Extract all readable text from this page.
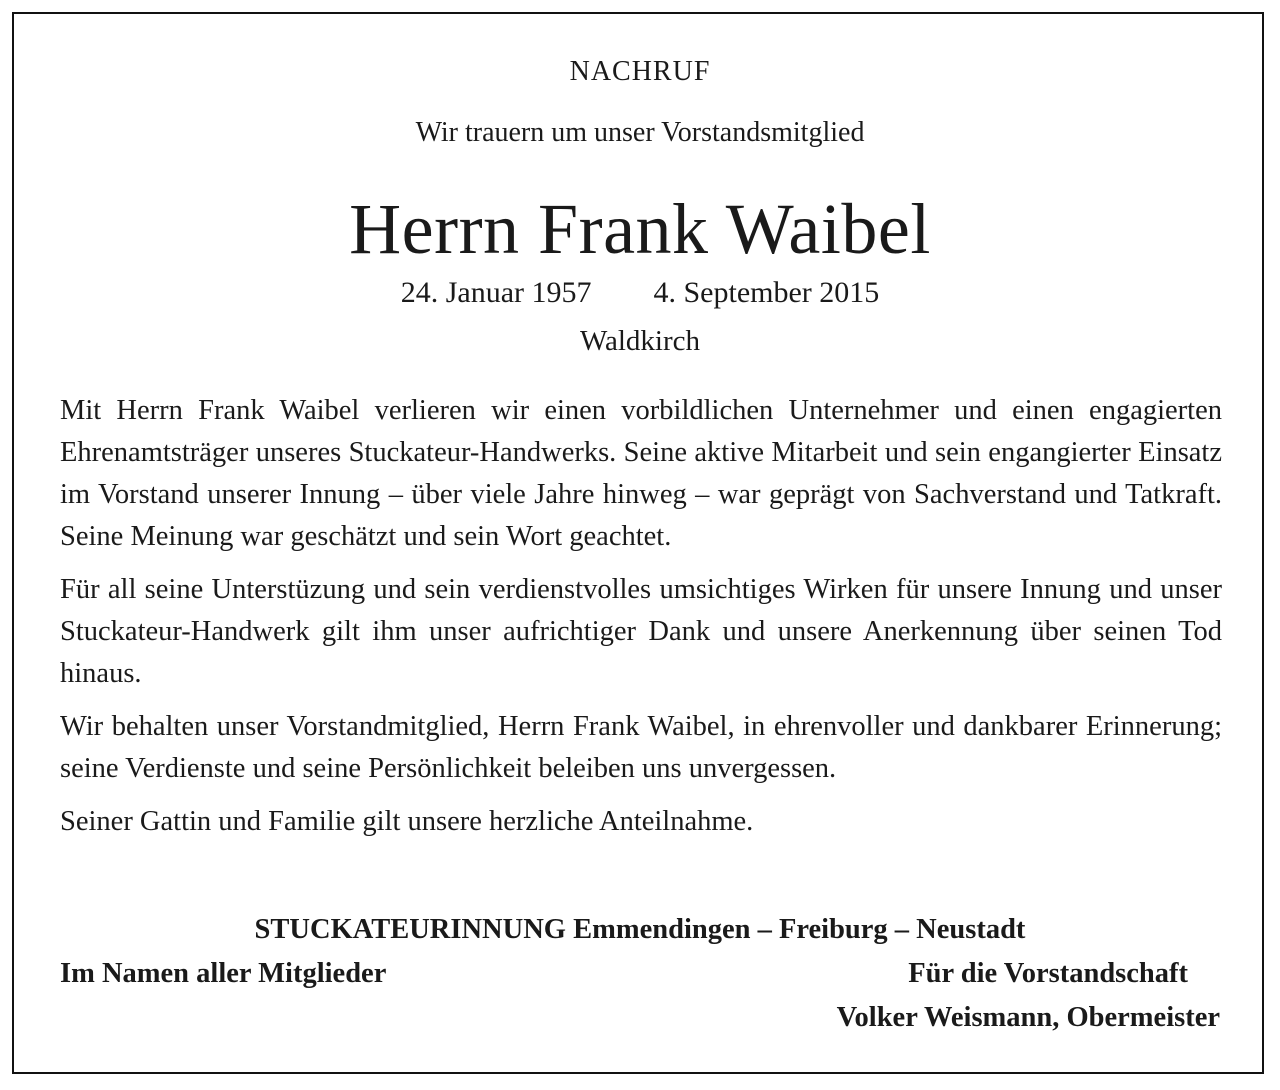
NACHRUF
Wir trauern um unser Vorstandsmitglied
Herrn Frank Waibel
24. Januar 1957 4. September 2015
Waldkirch

Mit Herrn Frank Waibel verlieren wir einen vorbildlichen Unternehmer und einen engagierten Ehrenamtsträger unseres Stuckateur-Handwerks. Seine aktive Mitarbeit und sein engangierter Einsatz im Vorstand unserer Innung – über viele Jahre hinweg – war geprägt von Sachverstand und Tatkraft. Seine Meinung war geschätzt und sein Wort geachtet.

Für all seine Unterstüzung und sein verdienstvolles umsichtiges Wirken für unsere Innung und unser Stuckateur-Handwerk gilt ihm unser aufrichtiger Dank und unsere Anerkennung über seinen Tod hinaus.

Wir behalten unser Vorstandmitglied, Herrn Frank Waibel, in ehrenvoller und dankbarer Erinnerung; seine Verdienste und seine Persönlichkeit beleiben uns unvergessen.

Seiner Gattin und Familie gilt unsere herzliche Anteilnahme.

STUCKATEURINNUNG Emmendingen – Freiburg – Neustadt
Im Namen aller Mitglieder	Für die Vorstandschaft
Volker Weismann, Obermeister
